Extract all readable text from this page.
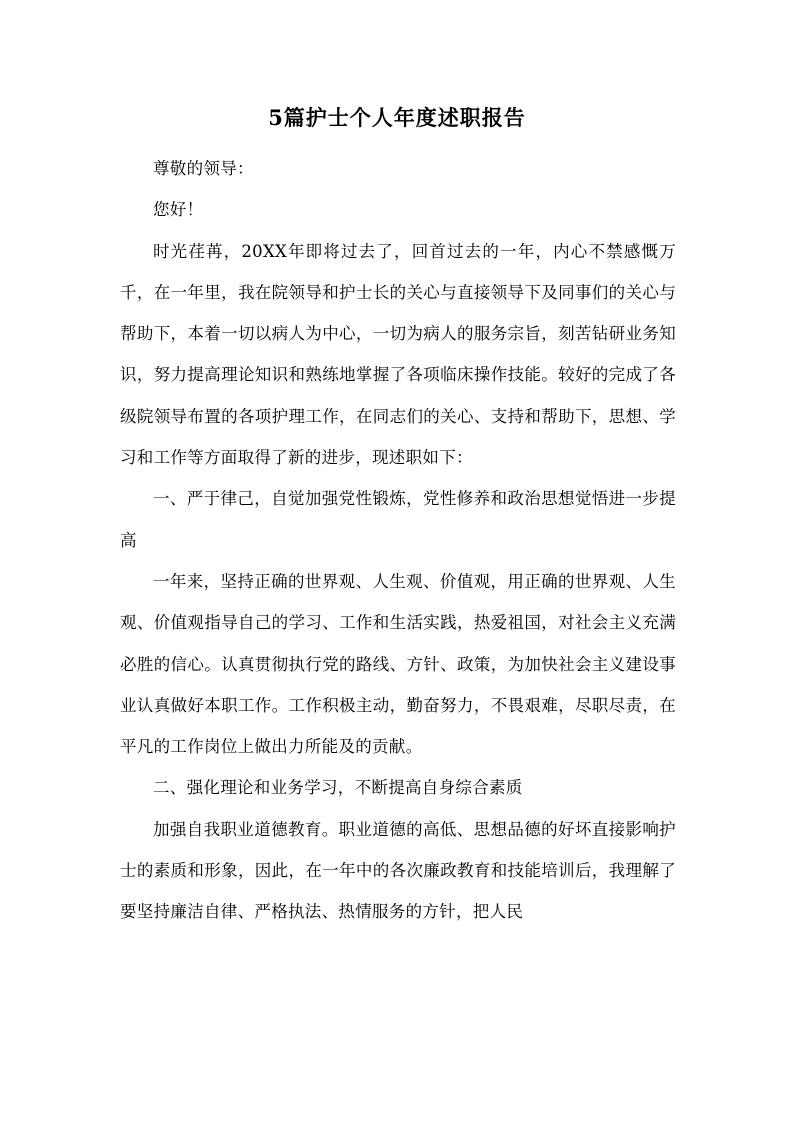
5篇护士个人年度述职报告

尊敬的领导：

您好！

时光荏苒，20XX年即将过去了，回首过去的一年，内心不禁感慨万千，在一年里，我在院领导和护士长的关心与直接领导下及同事们的关心与帮助下，本着一切以病人为中心，一切为病人的服务宗旨，刻苦钻研业务知识，努力提高理论知识和熟练地掌握了各项临床操作技能。较好的完成了各级院领导布置的各项护理工作，在同志们的关心、支持和帮助下，思想、学习和工作等方面取得了新的进步，现述职如下：

一、严于律己，自觉加强党性锻炼，党性修养和政治思想觉悟进一步提高

一年来，坚持正确的世界观、人生观、价值观，用正确的世界观、人生观、价值观指导自己的学习、工作和生活实践，热爱祖国，对社会主义充满必胜的信心。认真贯彻执行党的路线、方针、政策，为加快社会主义建设事业认真做好本职工作。工作积极主动，勤奋努力，不畏艰难，尽职尽责，在平凡的工作岗位上做出力所能及的贡献。

二、强化理论和业务学习，不断提高自身综合素质

加强自我职业道德教育。职业道德的高低、思想品德的好坏直接影响护士的素质和形象，因此，在一年中的各次廉政教育和技能培训后，我理解了要坚持廉洁自律、严格执法、热情服务的方针，把人民
